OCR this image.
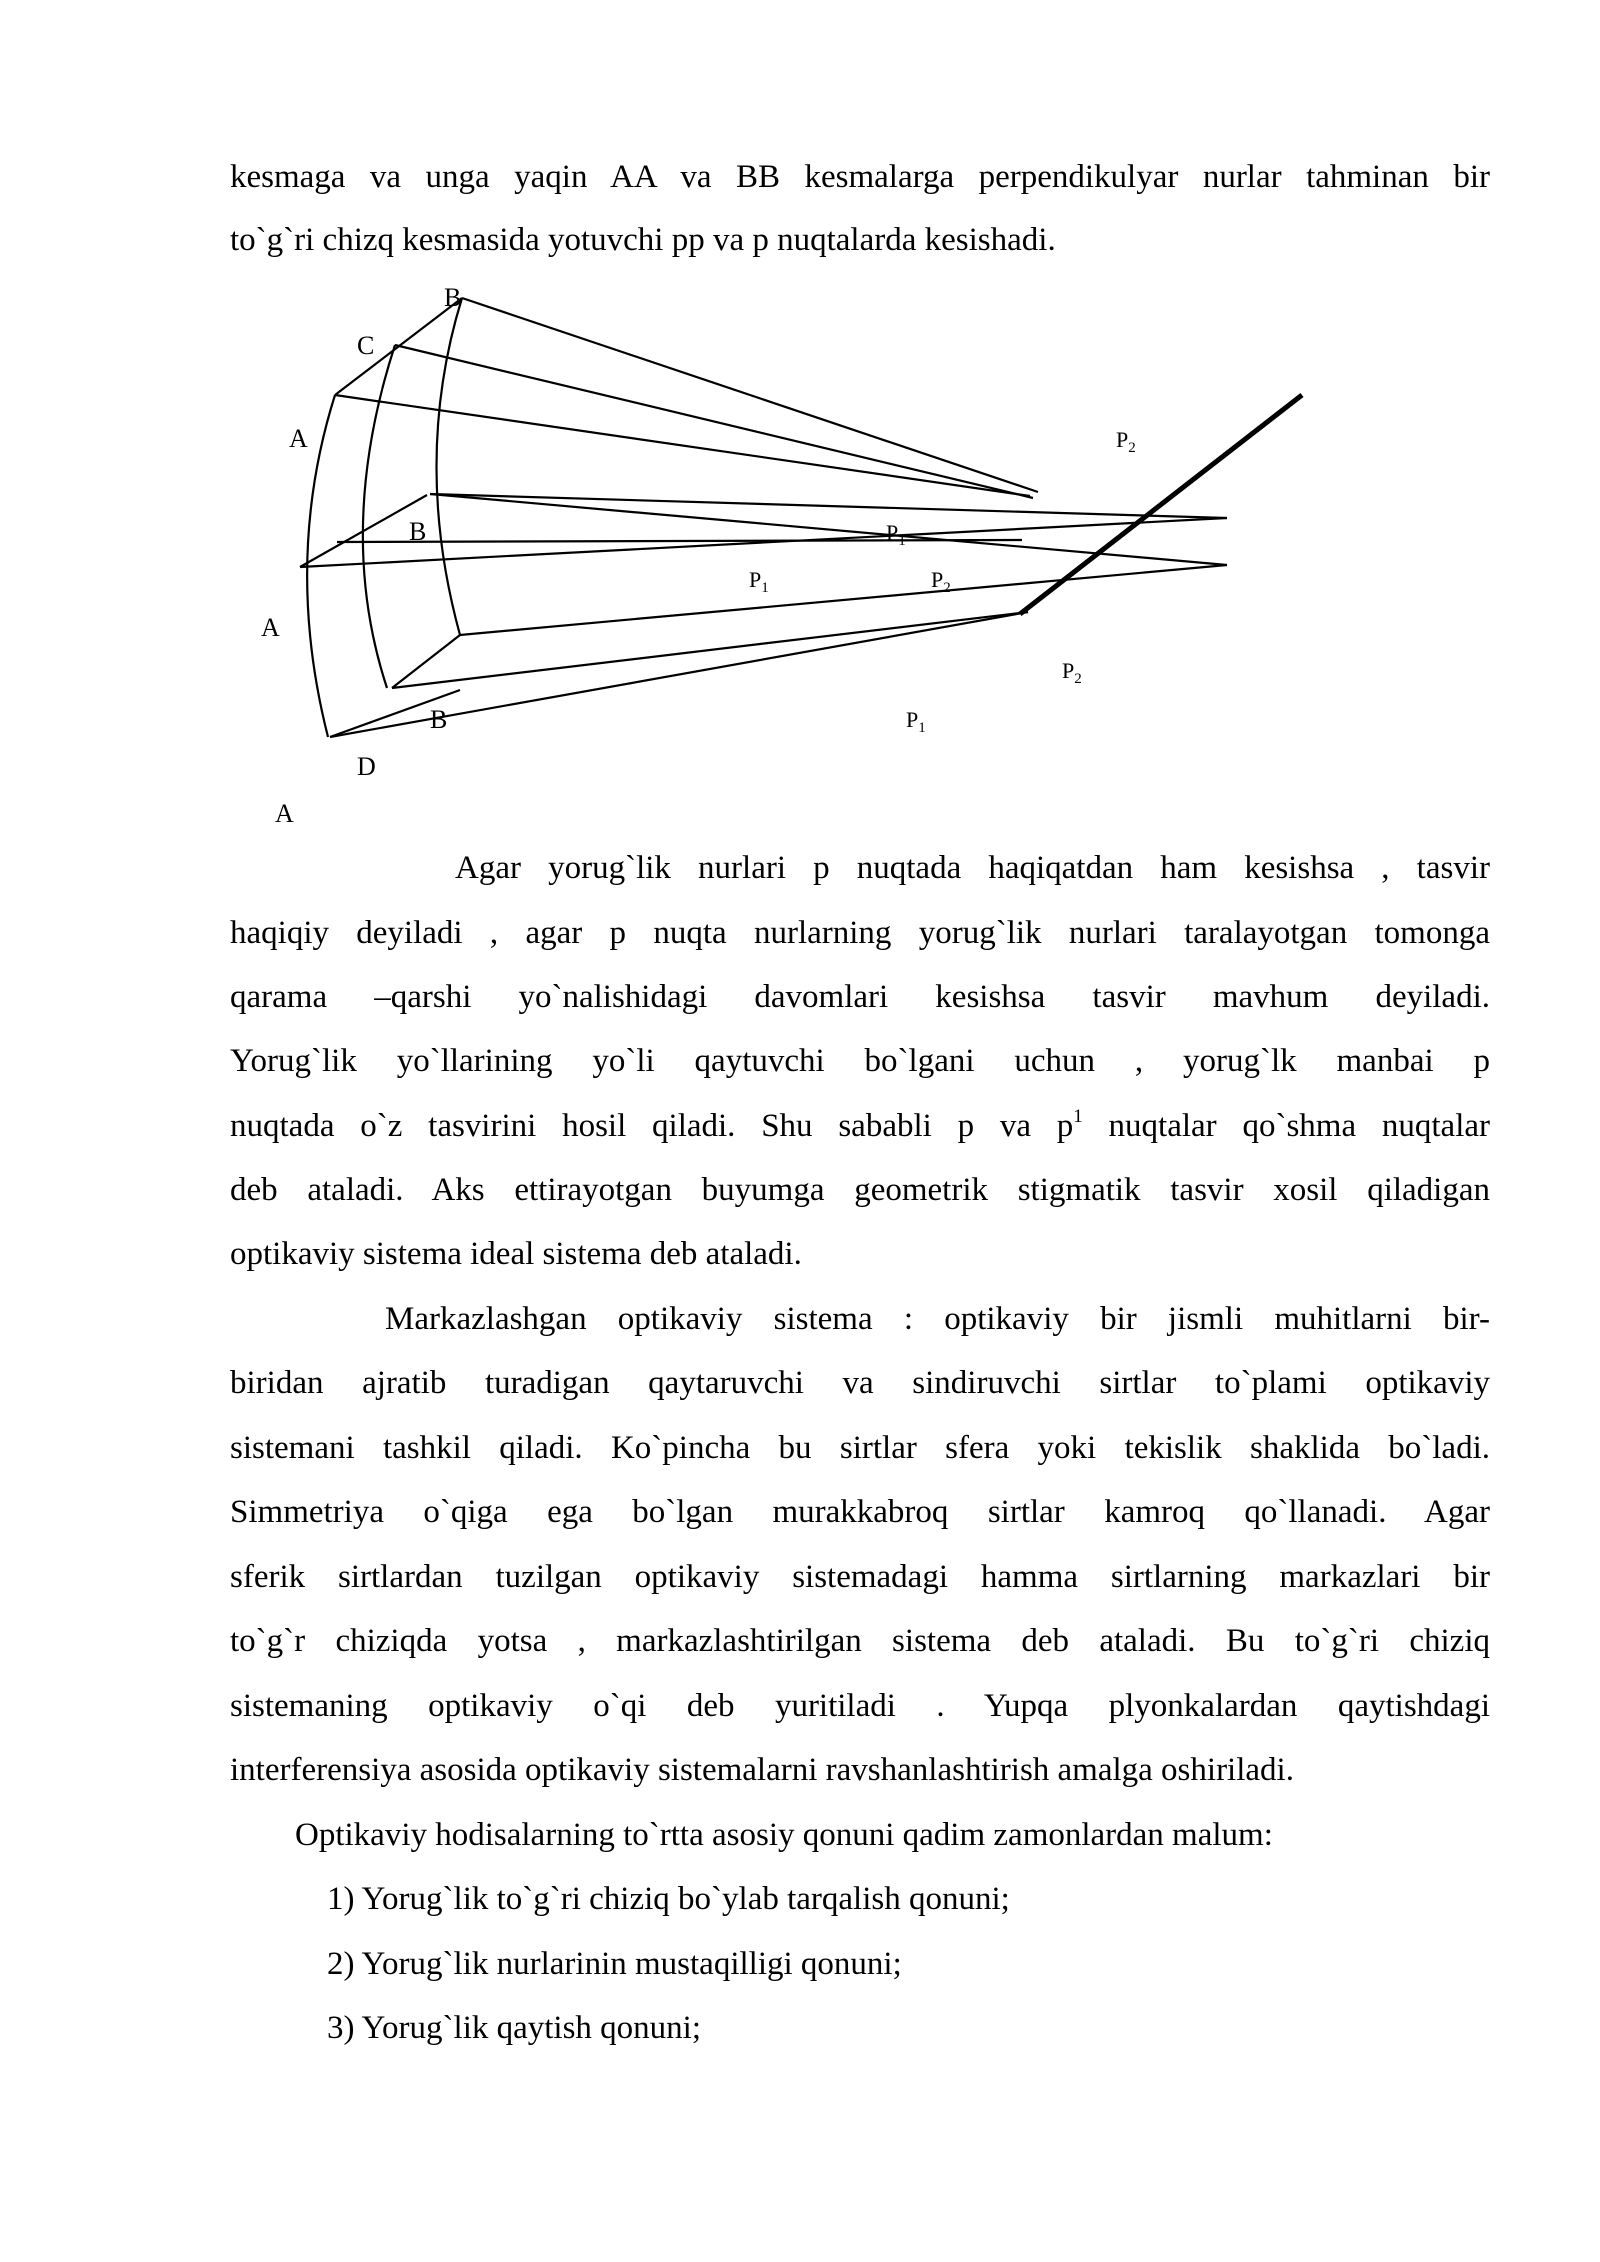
kesmaga va unga yaqin AA va BB kesmalarga perpendikulyar nurlar tahminan bir
to`g`ri chizq kesmasida yotuvchi pp va p nuqtalarda kesishadi.
B
C
A	$P_2$
B	$P_1$
$P_1$	$P_2$
A
$P_2$
B	$P_1$
D
A
Agar yorug`lik nurlari p nuqtada haqiqatdan ham kesishsa , tasvir
haqiqiy deyiladi , agar p nuqta nurlarning yorug`lik nurlari taralayotgan tomonga
qarama –qarshi yo`nalishidagi davomlari kesishsa tasvir mavhum deyiladi.
Yorug`lik yo`llarining yo`li qaytuvchi bo`lgani uchun , yorug`lk manbai p
nuqtada o`z tasvirini hosil qiladi. Shu sababli p va $p^1$ nuqtalar qo`shma nuqtalar
deb ataladi. Aks ettirayotgan buyumga geometrik stigmatik tasvir xosil qiladigan
optikaviy sistema ideal sistema deb ataladi.
Markazlashgan optikaviy sistema : optikaviy bir jismli muhitlarni bir-
biridan ajratib turadigan qaytaruvchi va sindiruvchi sirtlar to`plami optikaviy
sistemani tashkil qiladi. Ko`pincha bu sirtlar sfera yoki tekislik shaklida bo`ladi.
Simmetriya o`qiga ega bo`lgan murakkabroq sirtlar kamroq qo`llanadi. Agar
sferik sirtlardan tuzilgan optikaviy sistemadagi hamma sirtlarning markazlari bir
to`g`r chiziqda yotsa , markazlashtirilgan sistema deb ataladi. Bu to`g`ri chiziq
sistemaning optikaviy o`qi deb yuritiladi . Yupqa plyonkalardan qaytishdagi
interferensiya asosida optikaviy sistemalarni ravshanlashtirish amalga oshiriladi.
Optikaviy hodisalarning to`rtta asosiy qonuni qadim zamonlardan malum:
1) Yorug`lik to`g`ri chiziq bo`ylab tarqalish qonuni;
2) Yorug`lik nurlarinin mustaqilligi qonuni;
3) Yorug`lik qaytish qonuni;
